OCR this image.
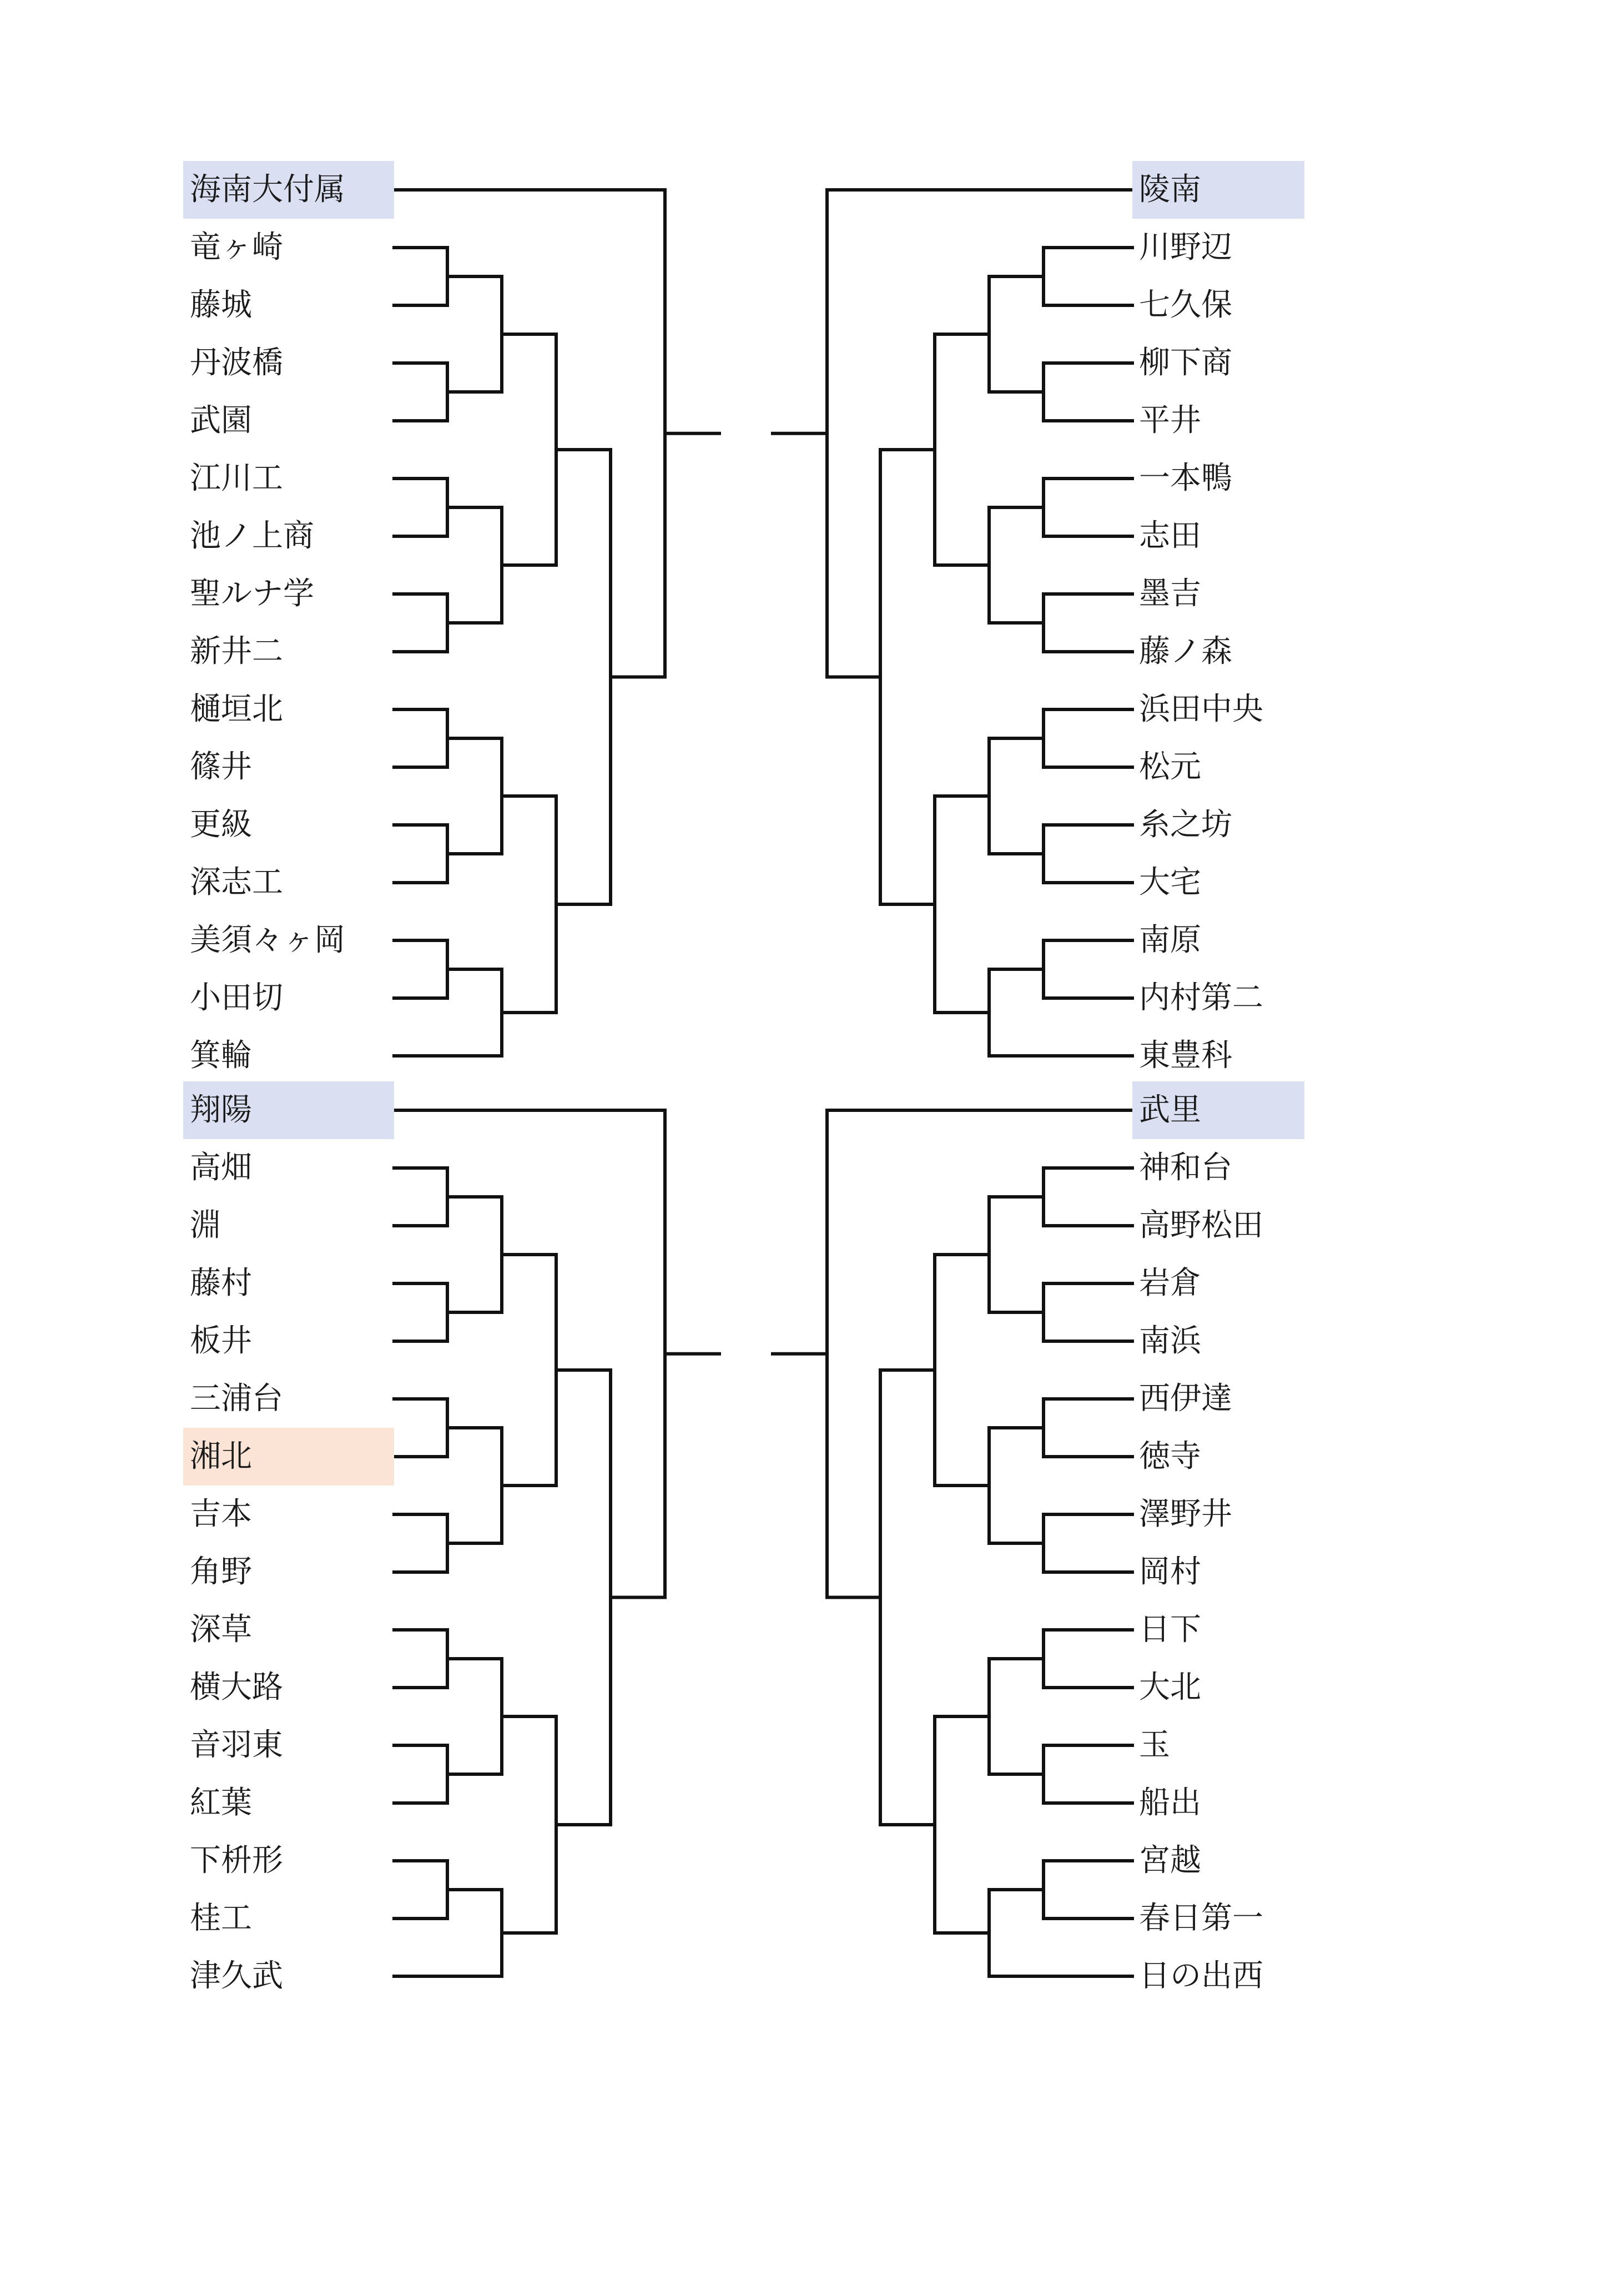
海南大付属
竜ヶ崎
藤城
丹波橋
武園
江川工
池ノ上商
聖ルナ学
新井二
樋垣北
篠井
更級
深志工
美須々ヶ岡
小田切
箕輪
陵南
川野辺
七久保
柳下商
平井
一本鴨
志田
墨吉
藤ノ森
浜田中央
松元
糸之坊
大宅
南原
内村第二
東豊科
翔陽
高畑
淵
藤村
板井
三浦台
湘北
吉本
角野
深草
横大路
音羽東
紅葉
下枡形
桂工
津久武
武里
神和台
高野松田
岩倉
南浜
西伊達
徳寺
澤野井
岡村
日下
大北
玉
船出
宮越
春日第一
日の出西
